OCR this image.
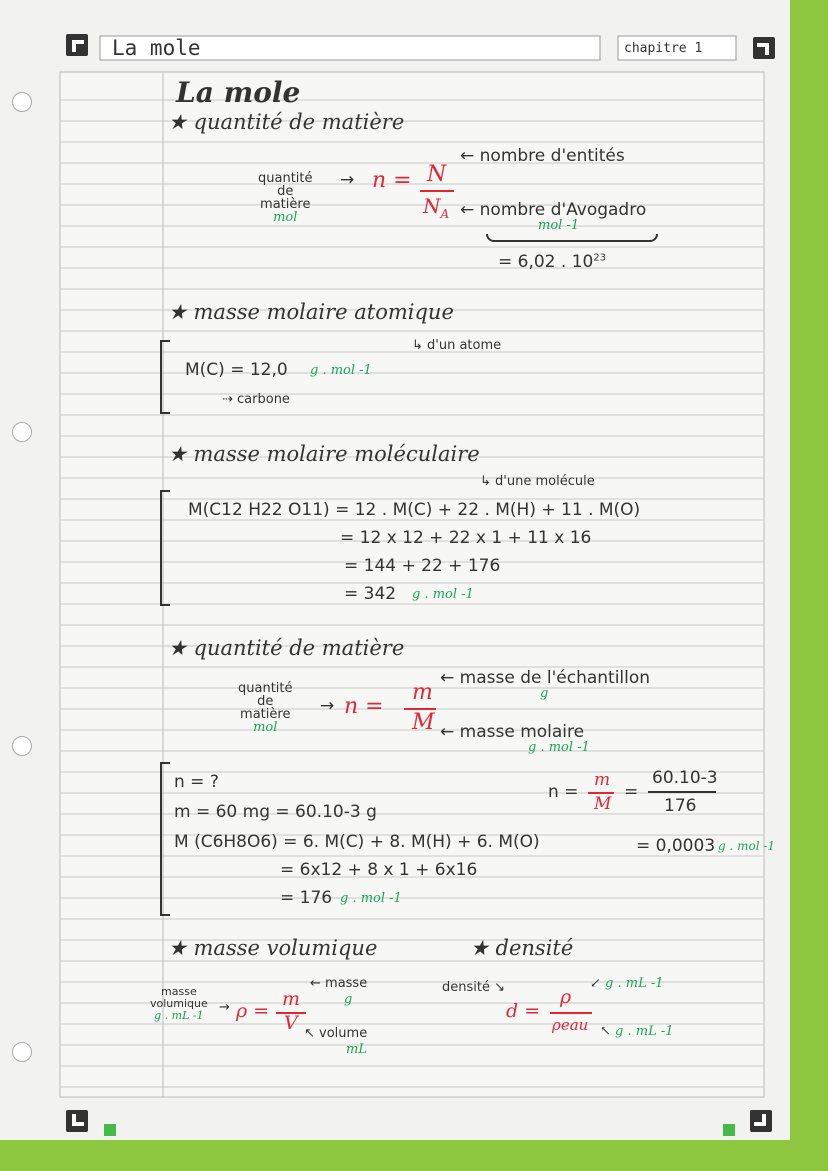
La mole	chapitre 1
La mole
★ quantité de matière
quantité
de
matière
mol
→ n = N
$N_A$
← nombre d'entités
← nombre d'Avogadro
mol -1
= 6,02 . $10^{23}$
★ masse molaire atomique
↳ d'un atome
M(C) = 12,0 g . mol -1
⇢ carbone
★ masse molaire moléculaire
↳ d'une molécule
M(C12 H22 O11) = 12 . M(C) + 22 . M(H) + 11 . M(O)
= 12 x 12 + 22 x 1 + 11 x 16
= 144 + 22 + 176
= 342 g . mol -1
★ quantité de matière
quantité
de
matière
mol
→ n =
m
M
← masse de l'échantillon
g
← masse molaire
g . mol -1
n = ?
m = 60 mg = 60.10-3 g
M (C6H8O6) = 6. M(C) + 8. M(H) + 6. M(O)
= 6x12 + 8 x 1 + 6x16
= 176 g . mol -1
n =
m
M
=
60.10-3
176
= 0,0003 g . mol -1
★ masse volumique
masse
volumique
g . mL -1
→ ρ =
m
V
← masse
g
↖ volume
mL
★ densité
densité ↘
d =
ρ
ρeau
↙ g . mL -1
↖ g . mL -1
